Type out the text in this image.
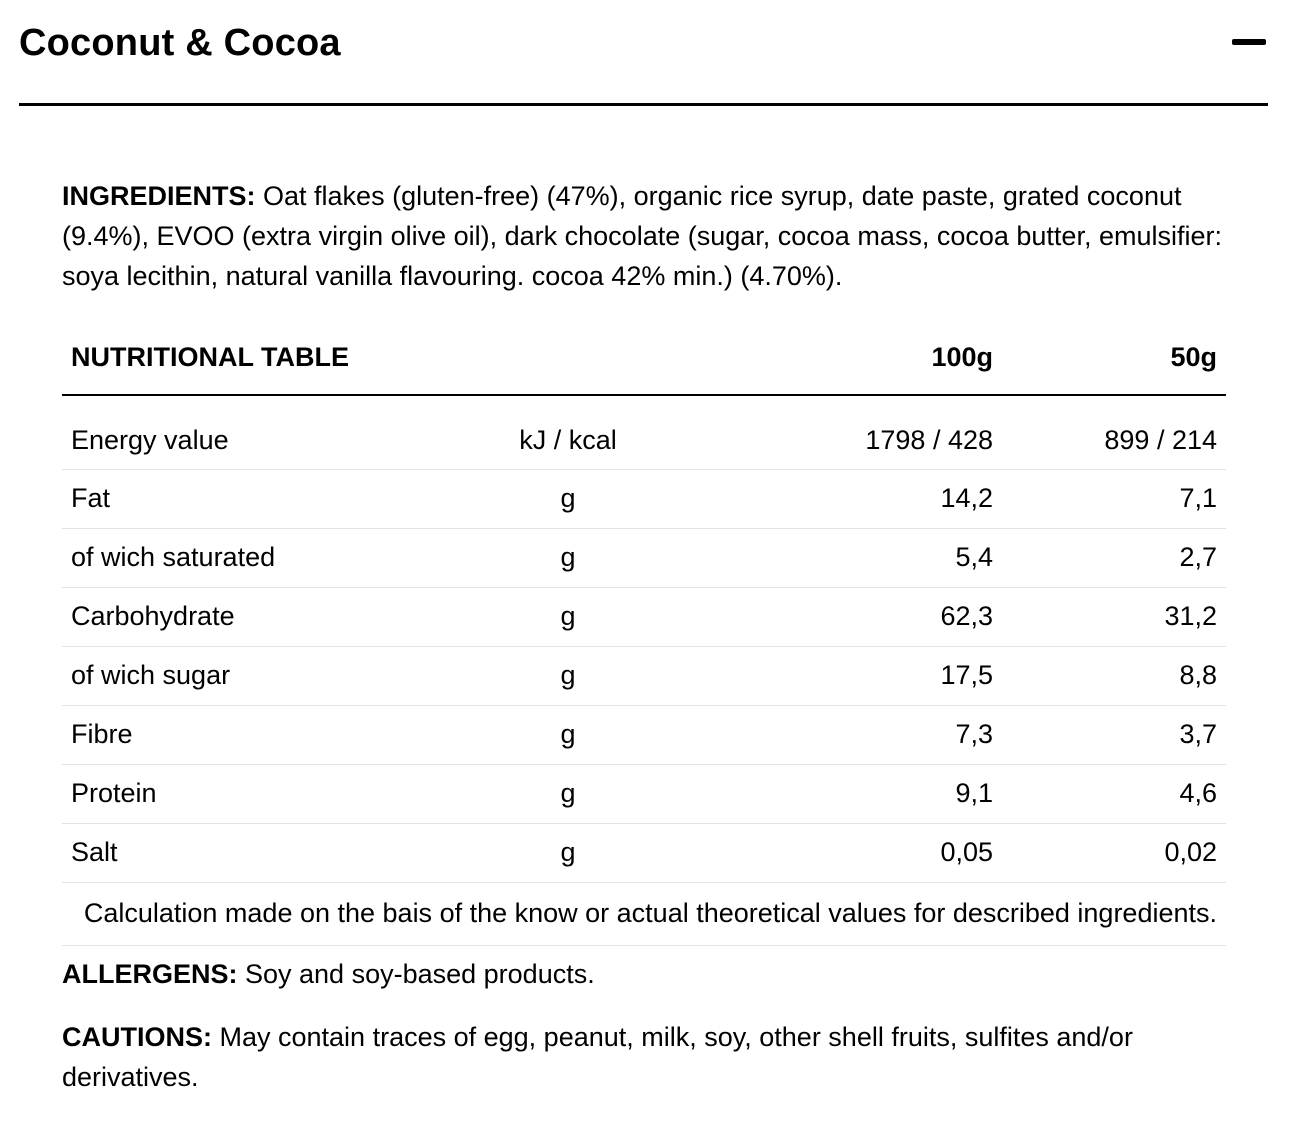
Coconut & Cocoa

INGREDIENTS: Oat flakes (gluten-free) (47%), organic rice syrup, date paste, grated coconut (9.4%), EVOO (extra virgin olive oil), dark chocolate (sugar, cocoa mass, cocoa butter, emulsifier: soya lecithin, natural vanilla flavouring. cocoa 42% min.) (4.70%).

NUTRITIONAL TABLE		100g	50g
Energy value	kJ / kcal	1798 / 428	899 / 214
Fat	g	14,2	7,1
of wich saturated	g	5,4	2,7
Carbohydrate	g	62,3	31,2
of wich sugar	g	17,5	8,8
Fibre	g	7,3	3,7
Protein	g	9,1	4,6
Salt	g	0,05	0,02
Calculation made on the bais of the know or actual theoretical values for described ingredients.			

ALLERGENS: Soy and soy-based products.

CAUTIONS: May contain traces of egg, peanut, milk, soy, other shell fruits, sulfites and/or derivatives.
